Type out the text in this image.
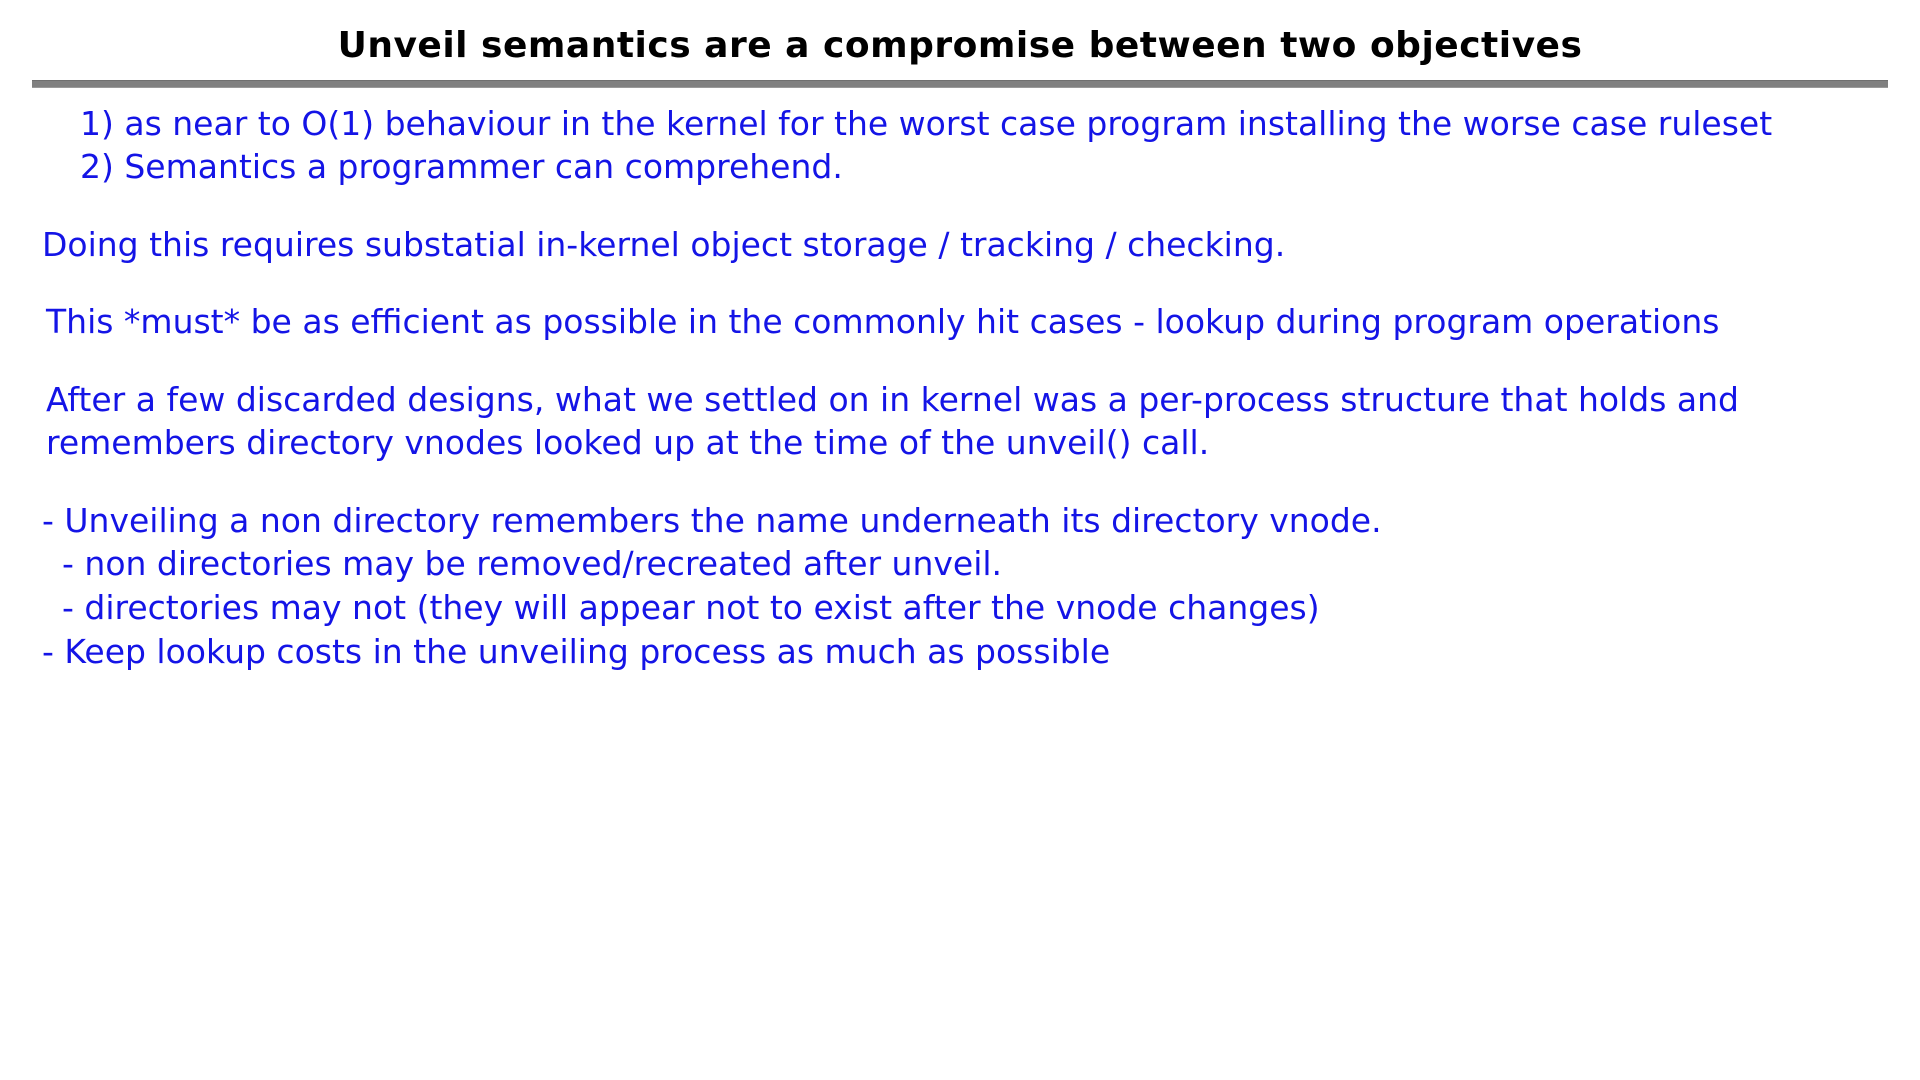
Unveil semantics are a compromise between two objectives

1) as near to O(1) behaviour in the kernel for the worst case program installing the worse case ruleset

2) Semantics a programmer can comprehend.

Doing this requires substatial in-kernel object storage / tracking / checking.

This *must* be as efficient as possible in the commonly hit cases - lookup during program operations

After a few discarded designs, what we settled on in kernel was a per-process structure that holds and remembers directory vnodes looked up at the time of the unveil() call.

- Unveiling a non directory remembers the name underneath its directory vnode.

- non directories may be removed/recreated after unveil.

- directories may not (they will appear not to exist after the vnode changes)

- Keep lookup costs in the unveiling process as much as possible
